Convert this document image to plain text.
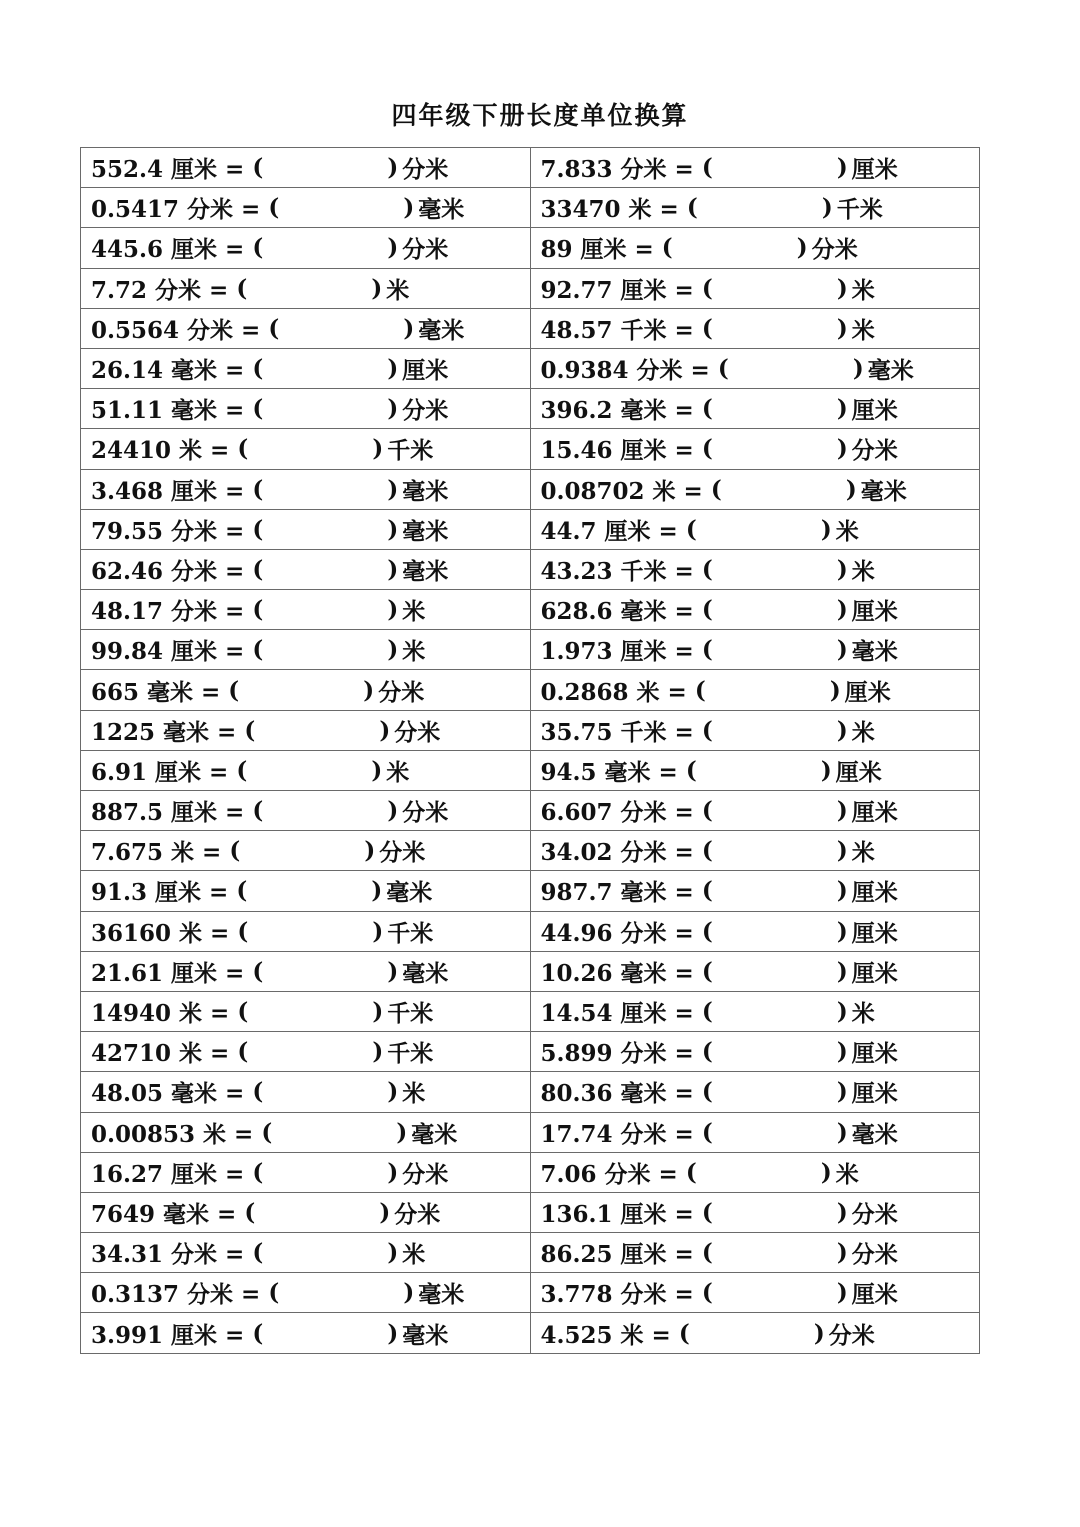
四年级下册长度单位换算
552.4 厘米 = ( ) 分米	7.833 分米 = ( ) 厘米

0.5417 分米 = ( ) 毫米	33470 米 = ( ) 千米

445.6 厘米 = ( ) 分米	89 厘米 = ( ) 分米

7.72 分米 = ( ) 米	92.77 厘米 = ( ) 米

0.5564 分米 = ( ) 毫米	48.57 千米 = ( ) 米

26.14 毫米 = ( ) 厘米	0.9384 分米 = ( ) 毫米

51.11 毫米 = ( ) 分米	396.2 毫米 = ( ) 厘米

24410 米 = ( ) 千米	15.46 厘米 = ( ) 分米

3.468 厘米 = ( ) 毫米	0.08702 米 = ( ) 毫米

79.55 分米 = ( ) 毫米	44.7 厘米 = ( ) 米

62.46 分米 = ( ) 毫米	43.23 千米 = ( ) 米

48.17 分米 = ( ) 米	628.6 毫米 = ( ) 厘米

99.84 厘米 = ( ) 米	1.973 厘米 = ( ) 毫米

665 毫米 = ( ) 分米	0.2868 米 = ( ) 厘米

1225 毫米 = ( ) 分米	35.75 千米 = ( ) 米

6.91 厘米 = ( ) 米	94.5 毫米 = ( ) 厘米

887.5 厘米 = ( ) 分米	6.607 分米 = ( ) 厘米

7.675 米 = ( ) 分米	34.02 分米 = ( ) 米

91.3 厘米 = ( ) 毫米	987.7 毫米 = ( ) 厘米

36160 米 = ( ) 千米	44.96 分米 = ( ) 厘米

21.61 厘米 = ( ) 毫米	10.26 毫米 = ( ) 厘米

14940 米 = ( ) 千米	14.54 厘米 = ( ) 米

42710 米 = ( ) 千米	5.899 分米 = ( ) 厘米

48.05 毫米 = ( ) 米	80.36 毫米 = ( ) 厘米

0.00853 米 = ( ) 毫米	17.74 分米 = ( ) 毫米

16.27 厘米 = ( ) 分米	7.06 分米 = ( ) 米

7649 毫米 = ( ) 分米	136.1 厘米 = ( ) 分米

34.31 分米 = ( ) 米	86.25 厘米 = ( ) 分米

0.3137 分米 = ( ) 毫米	3.778 分米 = ( ) 厘米

3.991 厘米 = ( ) 毫米	4.525 米 = ( ) 分米
